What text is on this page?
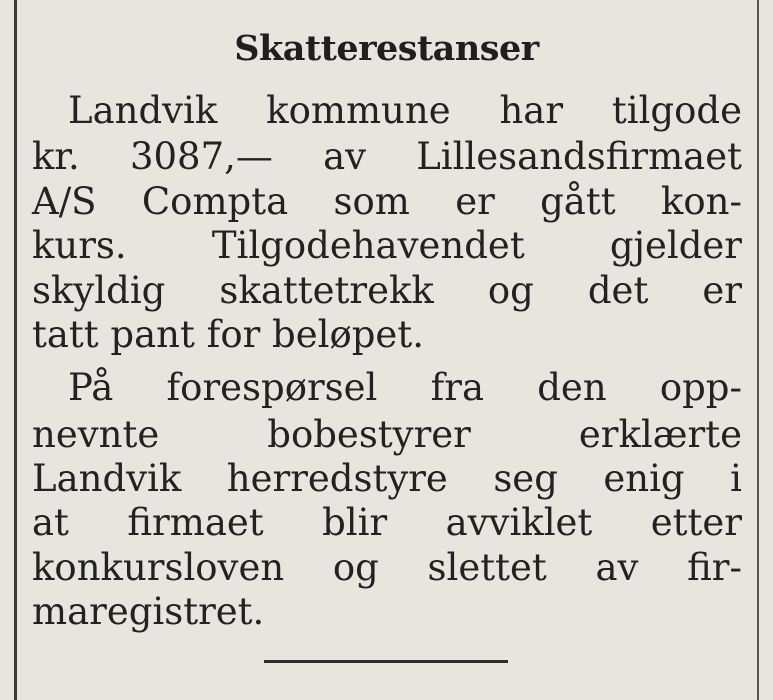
Skatterestanser
Landvik kommune har tilgode
kr. 3087,— av Lillesandsfirmaet
A/S Compta som er gått kon-
kurs. Tilgodehavendet gjelder
skyldig skattetrekk og det er
tatt pant for beløpet.
På forespørsel fra den opp-
nevnte	bobestyrer	erklærte
Landvik herredstyre seg enig i
at firmaet blir avviklet etter
konkursloven og slettet av fir-
maregistret.
